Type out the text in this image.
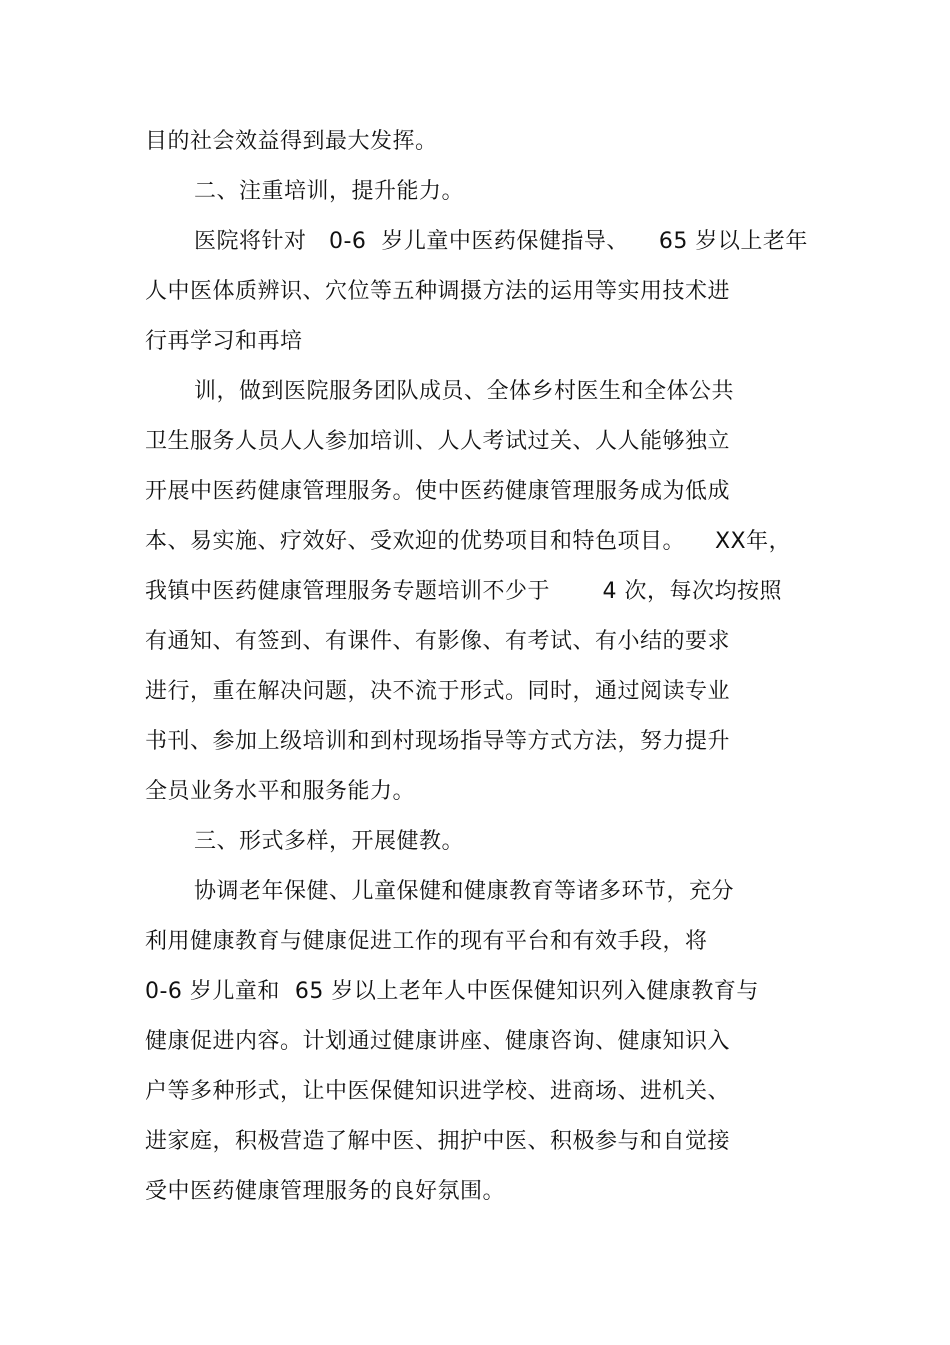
目的社会效益得到最大发挥。

二、注重培训，提升能力。

医院将针对   0-6  岁儿童中医药保健指导、    65 岁以上老年

人中医体质辨识、穴位等五种调摄方法的运用等实用技术进

行再学习和再培

训，做到医院服务团队成员、全体乡村医生和全体公共

卫生服务人员人人参加培训、人人考试过关、人人能够独立

开展中医药健康管理服务。使中医药健康管理服务成为低成

本、易实施、疗效好、受欢迎的优势项目和特色项目。    XX年，

我镇中医药健康管理服务专题培训不少于       4 次，每次均按照

有通知、有签到、有课件、有影像、有考试、有小结的要求

进行，重在解决问题，决不流于形式。同时，通过阅读专业

书刊、参加上级培训和到村现场指导等方式方法，努力提升

全员业务水平和服务能力。

三、形式多样，开展健教。

协调老年保健、儿童保健和健康教育等诸多环节，充分

利用健康教育与健康促进工作的现有平台和有效手段，将

0-6 岁儿童和  65 岁以上老年人中医保健知识列入健康教育与

健康促进内容。计划通过健康讲座、健康咨询、健康知识入

户等多种形式，让中医保健知识进学校、进商场、进机关、

进家庭，积极营造了解中医、拥护中医、积极参与和自觉接

受中医药健康管理服务的良好氛围。
